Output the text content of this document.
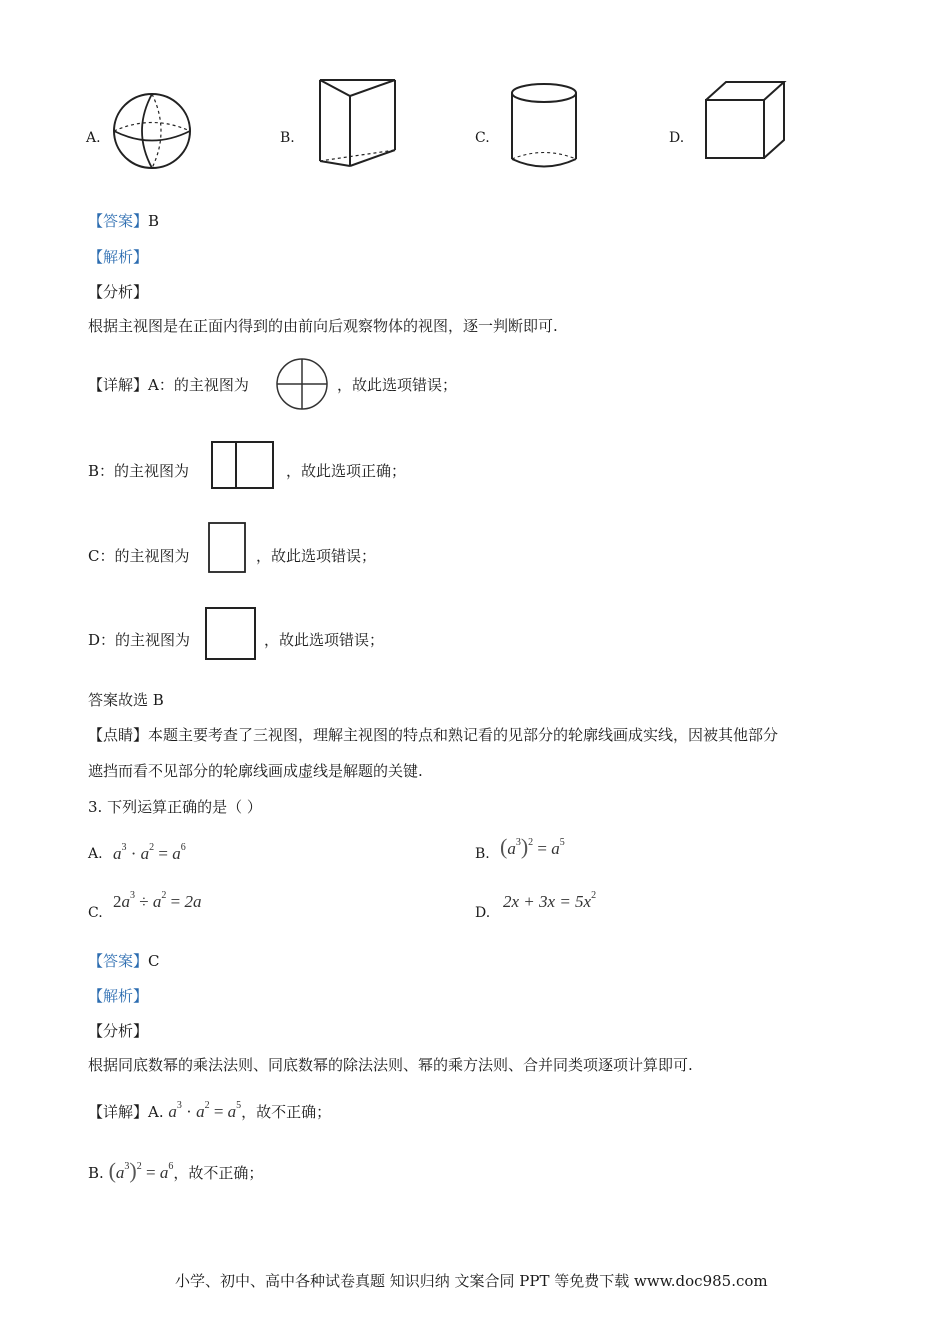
A.	B.	C.	D.
【答案】B
【解析】
【分析】
根据主视图是在正面内得到的由前向后观察物体的视图，逐一判断即可.
【详解】A：的主视图为	，故此选项错误；
B：的主视图为	，故此选项正确；
C：的主视图为	，故此选项错误；
D：的主视图为	，故此选项错误；
答案故选 B
【点睛】本题主要考查了三视图，理解主视图的特点和熟记看的见部分的轮廓线画成实线，因被其他部分
遮挡而看不见部分的轮廓线画成虚线是解题的关键.
3. 下列运算正确的是（ ）
A. $a^3 \cdot a^2 = a^6$	B. $(a^3)^2 = a^5$
C.
$2a^3 \div a^2 = 2a$
D.
$2x + 3x = 5x^2$
【答案】C
【解析】
【分析】
根据同底数幂的乘法法则、同底数幂的除法法则、幂的乘方法则、合并同类项逐项计算即可.
【详解】A. $a^3 \cdot a^2 = a^5$，故不正确；
B. $(a^3)^2 = a^6$，故不正确；
小学、初中、高中各种试卷真题 知识归纳 文案合同 PPT 等免费下载 www.doc985.com
